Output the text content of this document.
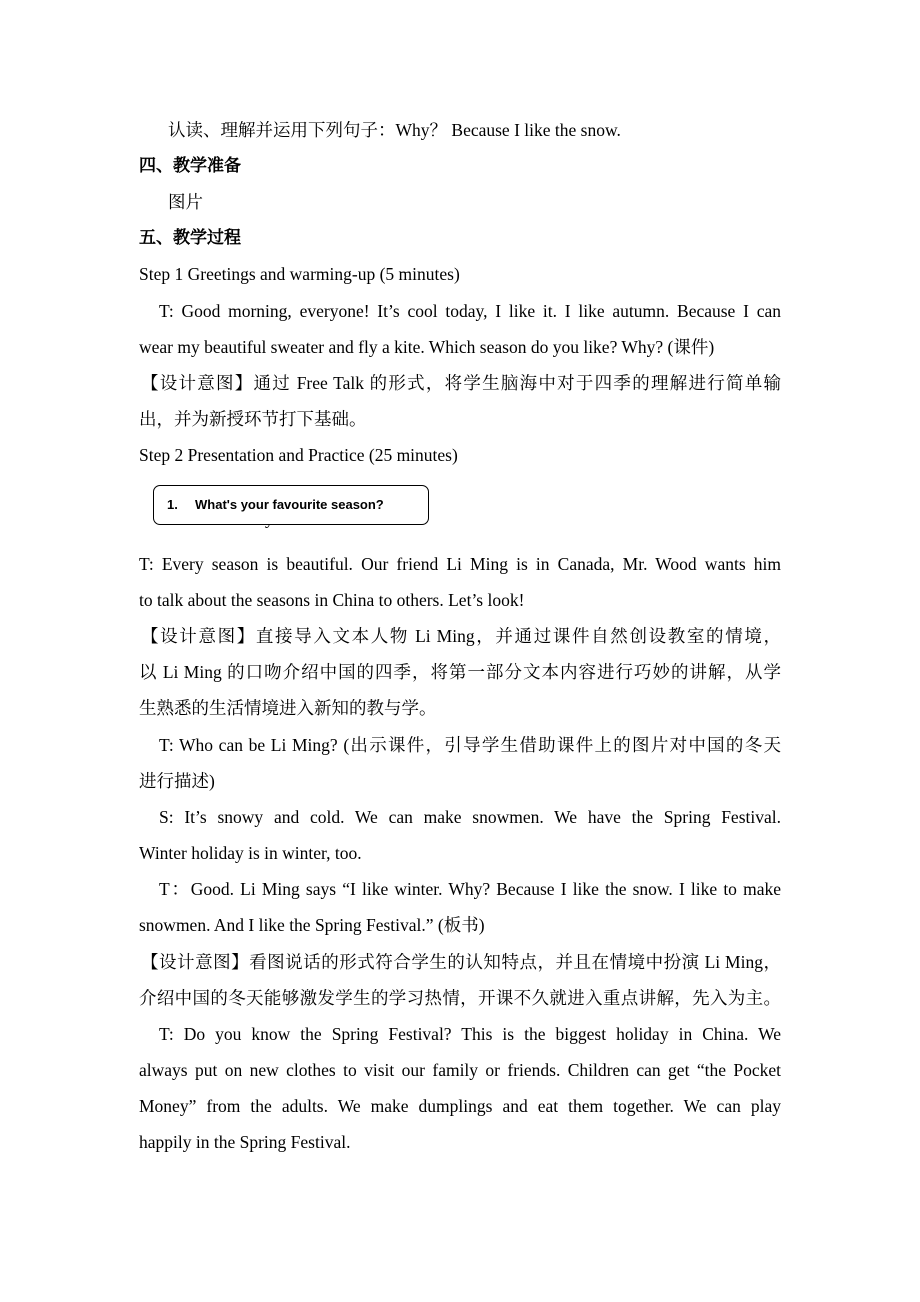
认读、理解并运用下列句子：Why？ Because I like the snow.
四、教学准备
图片
五、教学过程
Step 1 Greetings and warming-up (5 minutes)
T: Good morning, everyone! It’s cool today, I like it. I like autumn. Because I can
wear my beautiful sweater and fly a kite. Which season do you like? Why? (课件)
【设计意图】通过 Free Talk 的形式，将学生脑海中对于四季的理解进行简单输
出，并为新授环节打下基础。
Step 2 Presentation and Practice (25 minutes)
1. What's your favourite season?
T: Every season is beautiful. Our friend Li Ming is in Canada, Mr. Wood wants him
to talk about the seasons in China to others. Let’s look!
【设计意图】直接导入文本人物 Li Ming，并通过课件自然创设教室的情境，
以 Li Ming 的口吻介绍中国的四季，将第一部分文本内容进行巧妙的讲解，从学
生熟悉的生活情境进入新知的教与学。
T: Who can be Li Ming? (出示课件，引导学生借助课件上的图片对中国的冬天
进行描述)
S: It’s snowy and cold. We can make snowmen. We have the Spring Festival.
Winter holiday is in winter, too.
T：Good. Li Ming says “I like winter. Why? Because I like the snow. I like to make
snowmen. And I like the Spring Festival.” (板书)
【设计意图】看图说话的形式符合学生的认知特点，并且在情境中扮演 Li Ming，
介绍中国的冬天能够激发学生的学习热情，开课不久就进入重点讲解，先入为主。
T: Do you know the Spring Festival? This is the biggest holiday in China. We
always put on new clothes to visit our family or friends. Children can get “the Pocket
Money” from the adults. We make dumplings and eat them together. We can play
happily in the Spring Festival.
